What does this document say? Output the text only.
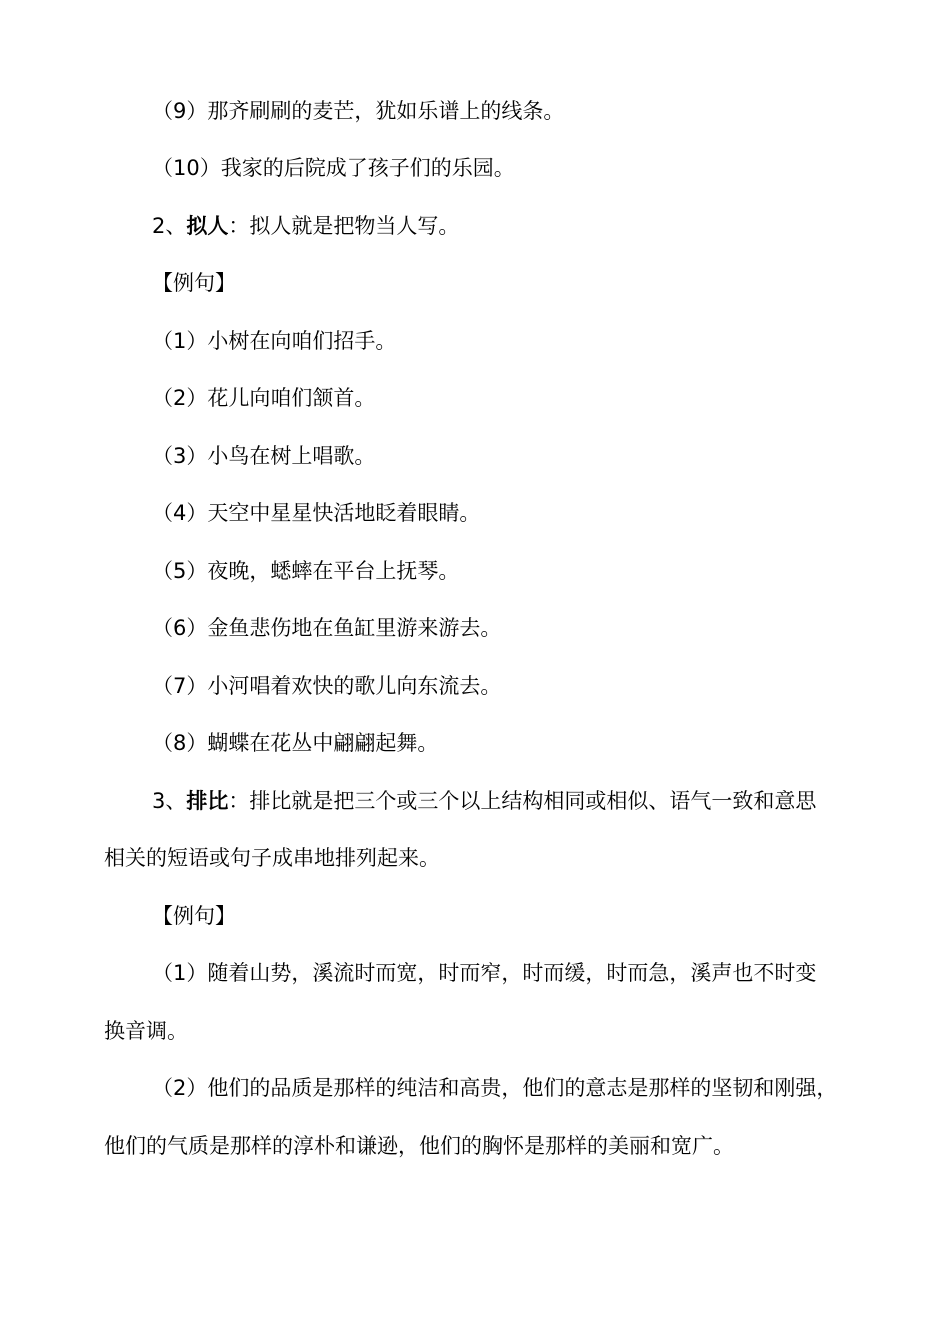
（9）那齐刷刷的麦芒，犹如乐谱上的线条。
（10）我家的后院成了孩子们的乐园。
2、拟人：拟人就是把物当人写。
【例句】
（1）小树在向咱们招手。
（2）花儿向咱们颔首。
（3）小鸟在树上唱歌。
（4）天空中星星快活地眨着眼睛。
（5）夜晚，蟋蟀在平台上抚琴。
（6）金鱼悲伤地在鱼缸里游来游去。
（7）小河唱着欢快的歌儿向东流去。
（8）蝴蝶在花丛中翩翩起舞。
3、排比：排比就是把三个或三个以上结构相同或相似、语气一致和意思
相关的短语或句子成串地排列起来。
【例句】
（1）随着山势，溪流时而宽，时而窄，时而缓，时而急，溪声也不时变
换音调。
（2）他们的品质是那样的纯洁和高贵，他们的意志是那样的坚韧和刚强，
他们的气质是那样的淳朴和谦逊，他们的胸怀是那样的美丽和宽广。
